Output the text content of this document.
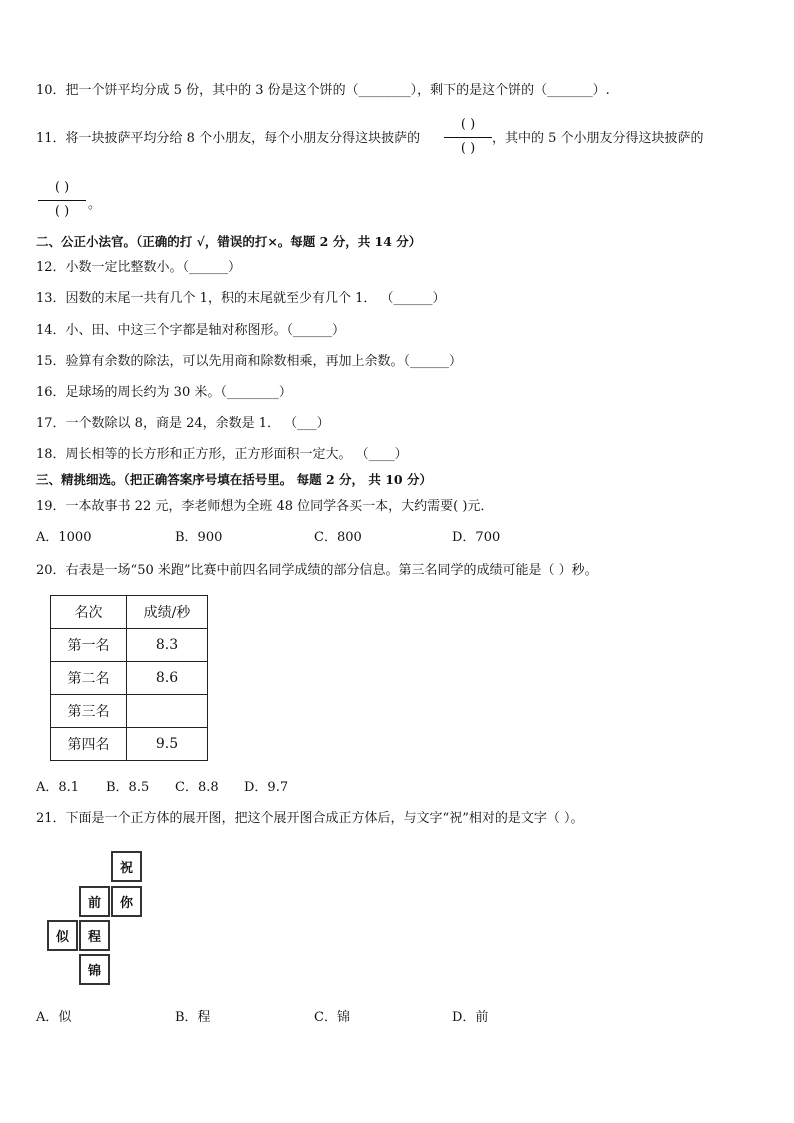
10．把一个饼平均分成 5 份，其中的 3 份是这个饼的（________），剩下的是这个饼的（_______）.
11．将一块披萨平均分给 8 个小朋友，每个小朋友分得这块披萨的
( )
( )
，其中的 5 个小朋友分得这块披萨的
( )
( )	。
二、公正小法官。（正确的打 √，错误的打×。每题 2 分，共 14 分）
12．小数一定比整数小。（______）
13．因数的末尾一共有几个 1，积的末尾就至少有几个 1． （______）
14．小、田、中这三个字都是轴对称图形。（______）
15．验算有余数的除法，可以先用商和除数相乘，再加上余数。（______）
16．足球场的周长约为 30 米。（________）
17．一个数除以 8，商是 24，余数是 1． （___）
18．周长相等的长方形和正方形，正方形面积一定大。 （____）
三、精挑细选。（把正确答案序号填在括号里。 每题 2 分， 共 10 分）
19．一本故事书 22 元，李老师想为全班 48 位同学各买一本，大约需要( )元．
A．1000	B．900	C．800	D．700
20．右表是一场“50 米跑”比赛中前四名同学成绩的部分信息。第三名同学的成绩可能是（ ）秒。
名次	成绩/秒
第一名	8.3
第二名	8.6
第三名	
第四名	9.5
A．8.1 B．8.5 C．8.8 D．9.7
21．下面是一个正方体的展开图，把这个展开图合成正方体后，与文字“祝”相对的是文字（ ）。
祝
前	你
似	程
锦
A．似	B．程	C．锦	D．前
